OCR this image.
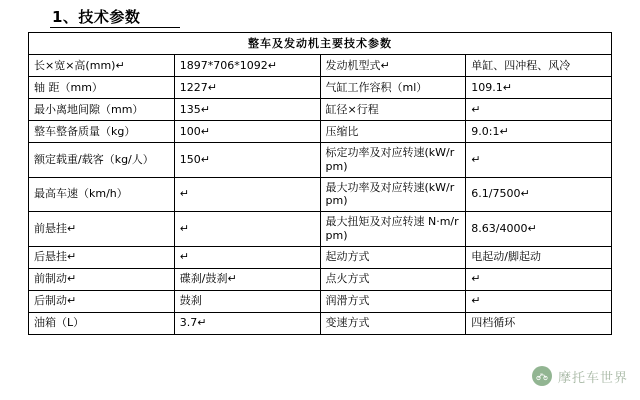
1、技术参数
整车及发动机主要技术参数			
长×宽×高(mm)↵	1897*706*1092↵	发动机型式↵	单缸、四冲程、风冷
轴 距（mm）	1227↵	气缸工作容积（ml）	109.1↵
最小离地间隙（mm）	135↵	缸径×行程	↵
整车整备质量（kg）	100↵	压缩比	9.0:1↵
额定载重/载客（kg/人）	150↵	标定功率及对应转速(kW/rpm)	↵
最高车速（km/h）	↵	最大功率及对应转速(kW/rpm)	6.1/7500↵
前悬挂↵	↵	最大扭矩及对应转速 N·m/rpm)	8.63/4000↵
后悬挂↵	↵	起动方式	电起动/脚起动
前制动↵	碟刹/鼓刹↵	点火方式	↵
后制动↵	鼓刹	润滑方式	↵
油箱（L）	3.7↵	变速方式	四档循环
摩托车世界
